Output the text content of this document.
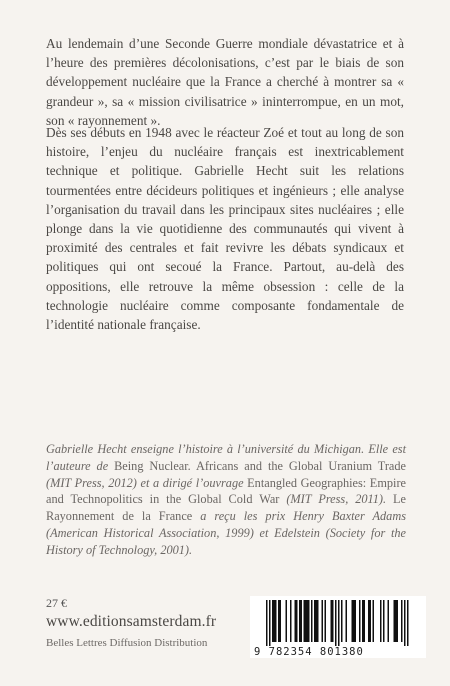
Au lendemain d’une Seconde Guerre mondiale dévastatrice et à l’heure des premières décolonisations, c’est par le biais de son développement nucléaire que la France a cherché à montrer sa « grandeur », sa « mission civilisatrice » ininterrompue, en un mot, son « rayonnement ».

Dès ses débuts en 1948 avec le réacteur Zoé et tout au long de son histoire, l’enjeu du nucléaire français est inextricablement technique et politique. Gabrielle Hecht suit les relations tourmentées entre décideurs politiques et ingénieurs ; elle analyse l’organisation du travail dans les principaux sites nucléaires ; elle plonge dans la vie quotidienne des communautés qui vivent à proximité des centrales et fait revivre les débats syndicaux et politiques qui ont secoué la France. Partout, au-delà des oppositions, elle retrouve la même obsession : celle de la technologie nucléaire comme composante fondamentale de l’identité nationale française.

Gabrielle Hecht enseigne l’histoire à l’université du Michigan. Elle est l’auteure de Being Nuclear. Africans and the Global Uranium Trade (MIT Press, 2012) et a dirigé l’ouvrage Entangled Geographies: Empire and Technopolitics in the Global Cold War (MIT Press, 2011). Le Rayonnement de la France a reçu les prix Henry Baxter Adams (American Historical Association, 1999) et Edelstein (Society for the History of Technology, 2001).

27 €

www.editionsamsterdam.fr

Belles Lettres Diffusion Distribution

9 782354 801380
